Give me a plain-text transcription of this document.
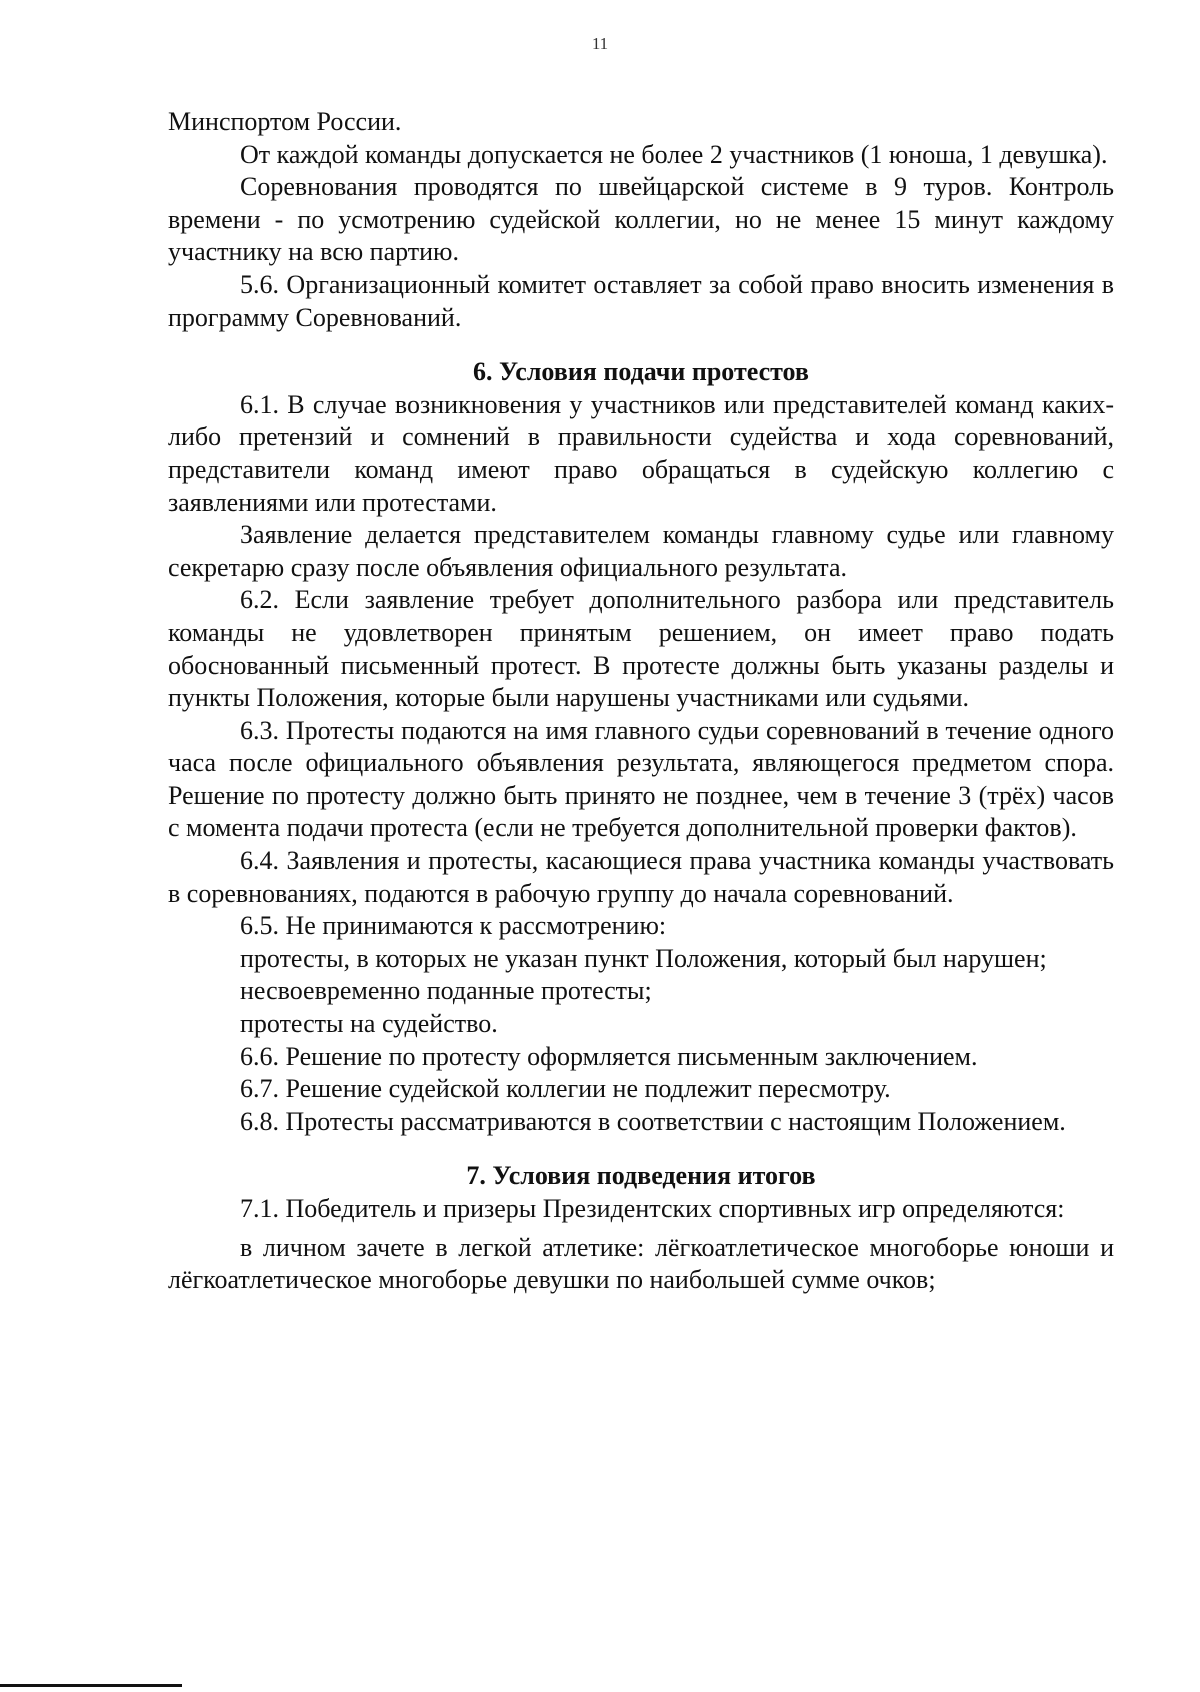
11

Минспортом России.

От каждой команды допускается не более 2 участников (1 юноша, 1 девушка).

Соревнования проводятся по швейцарской системе в 9 туров. Контроль времени - по усмотрению судейской коллегии, но не менее 15 минут каждому участнику на всю партию.

5.6. Организационный комитет оставляет за собой право вносить изменения в программу Соревнований.

6. Условия подачи протестов

6.1. В случае возникновения у участников или представителей команд каких-либо претензий и сомнений в правильности судейства и хода соревнований, представители команд имеют право обращаться в судейскую коллегию с заявлениями или протестами.

Заявление делается представителем команды главному судье или главному секретарю сразу после объявления официального результата.

6.2. Если заявление требует дополнительного разбора или представитель команды не удовлетворен принятым решением, он имеет право подать обоснованный письменный протест. В протесте должны быть указаны разделы и пункты Положения, которые были нарушены участниками или судьями.

6.3. Протесты подаются на имя главного судьи соревнований в течение одного часа после официального объявления результата, являющегося предметом спора. Решение по протесту должно быть принято не позднее, чем в течение 3 (трёх) часов с момента подачи протеста (если не требуется дополнительной проверки фактов).

6.4. Заявления и протесты, касающиеся права участника команды участвовать в соревнованиях, подаются в рабочую группу до начала соревнований.

6.5. Не принимаются к рассмотрению:

протесты, в которых не указан пункт Положения, который был нарушен;

несвоевременно поданные протесты;

протесты на судейство.

6.6. Решение по протесту оформляется письменным заключением.

6.7. Решение судейской коллегии не подлежит пересмотру.

6.8. Протесты рассматриваются в соответствии с настоящим Положением.

7. Условия подведения итогов

7.1. Победитель и призеры Президентских спортивных игр определяются:

в личном зачете в легкой атлетике: лёгкоатлетическое многоборье юноши и лёгкоатлетическое многоборье девушки по наибольшей сумме очков;
